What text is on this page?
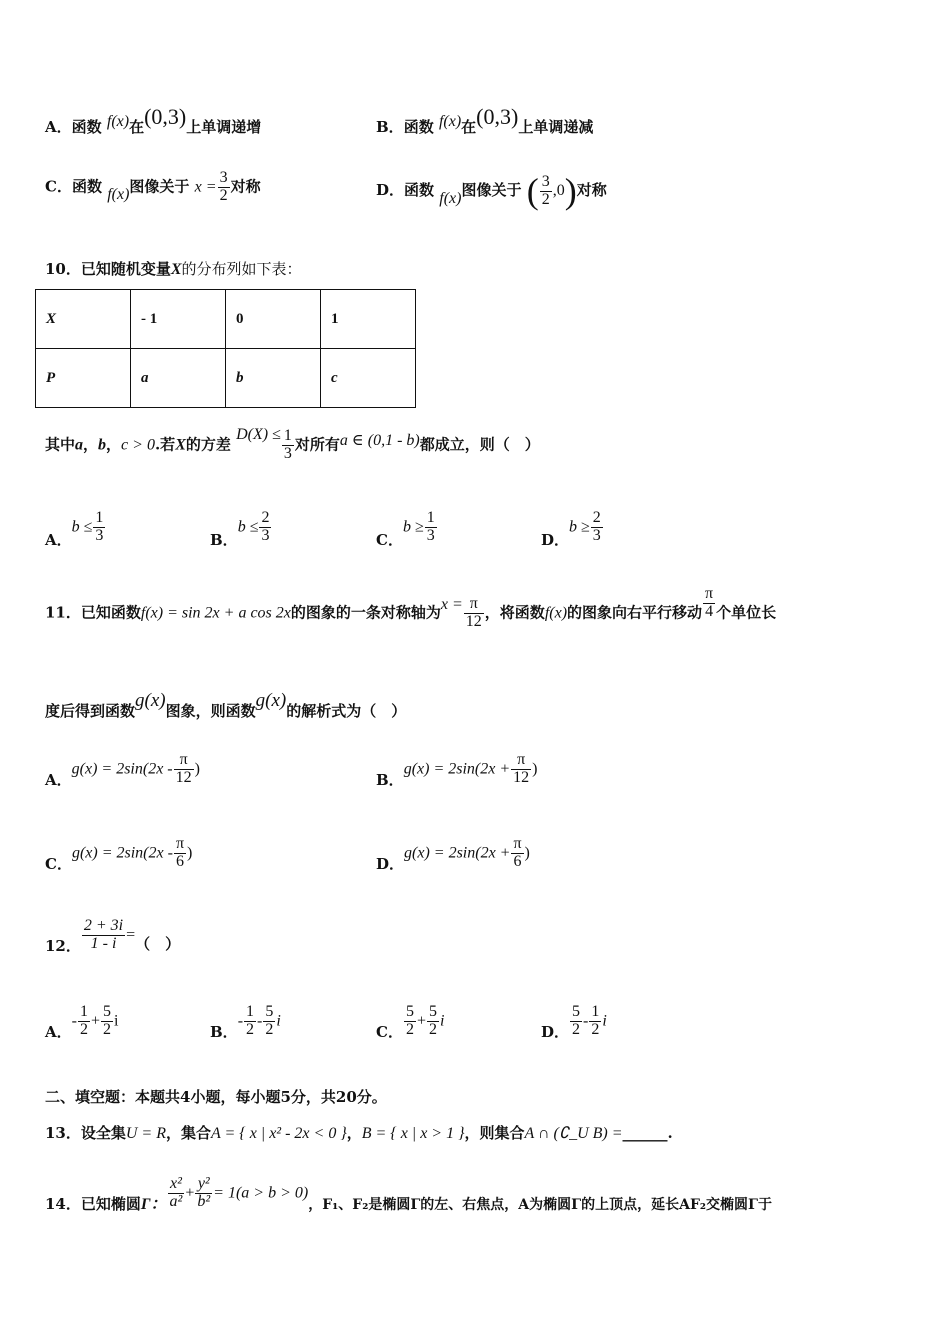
A．函数 f(x)在(0,3)上单调递增	B．函数 f(x)在(0,3)上单调递减
C．函数 f(x)图像关于 $x = \frac{3}{2}$ 对称	D．函数 f(x)图像关于 ( $\frac{3}{2} ,0$)对称
10．已知随机变量X的分布列如下表：
X	- 1	0	1
P	a	b	c
其中a，b，c > 0.若X的方差 $D(X) \le \frac{1}{3}$ 对所有a ∈ (0,1 - b)都成立，则（　）
A．$b \le \frac{1}{3}$	B．$b \le \frac{2}{3}$	C．$b \ge \frac{1}{3}$	D．$b \ge \frac{2}{3}$
11．已知函数f(x) = sin 2x + a cos 2x的图象的一条对称轴为$x = \frac{\pi}{12}$ ，将函数f(x)的图象向右平行移动 $\frac{\pi}{4}$ 个单位长
度后得到函数g(x)图象，则函数g(x)的解析式为（　）
A．$g(x) = 2\sin(2x - \frac{\pi}{12}$ )
B．$g(x) = 2\sin(2x + \frac{\pi}{12}$ )
C．$g(x) = 2\sin(2x - \frac{\pi}{6}$ )
D．$g(x) = 2\sin(2x + \frac{\pi}{6}$ )
12． $\frac{2 + 3i}{1 - i}$ =（　）
A．- $\frac{1}{2} + \frac{5}{2}$ i
B．- $\frac{1}{2} - \frac{5}{2}$ i
C． $\frac{5}{2} + \frac{5}{2}$ i
D． $\frac{5}{2} - \frac{1}{2}$ i
二、填空题：本题共4小题，每小题5分，共20分。
13．设全集U = R，集合A = { x | x² - 2x < 0 }，B = { x | x > 1 }，则集合A ∩ (∁_U B) =______.
14．已知椭圆Γ： $\frac{\text{x²}}{\text{a²}} + \frac{\text{y²}}{\text{b²}} = 1(a > b > 0)$，F₁、F₂是椭圆Γ的左、右焦点，A为椭圆Γ的上顶点，延长AF₂交椭圆Γ于
